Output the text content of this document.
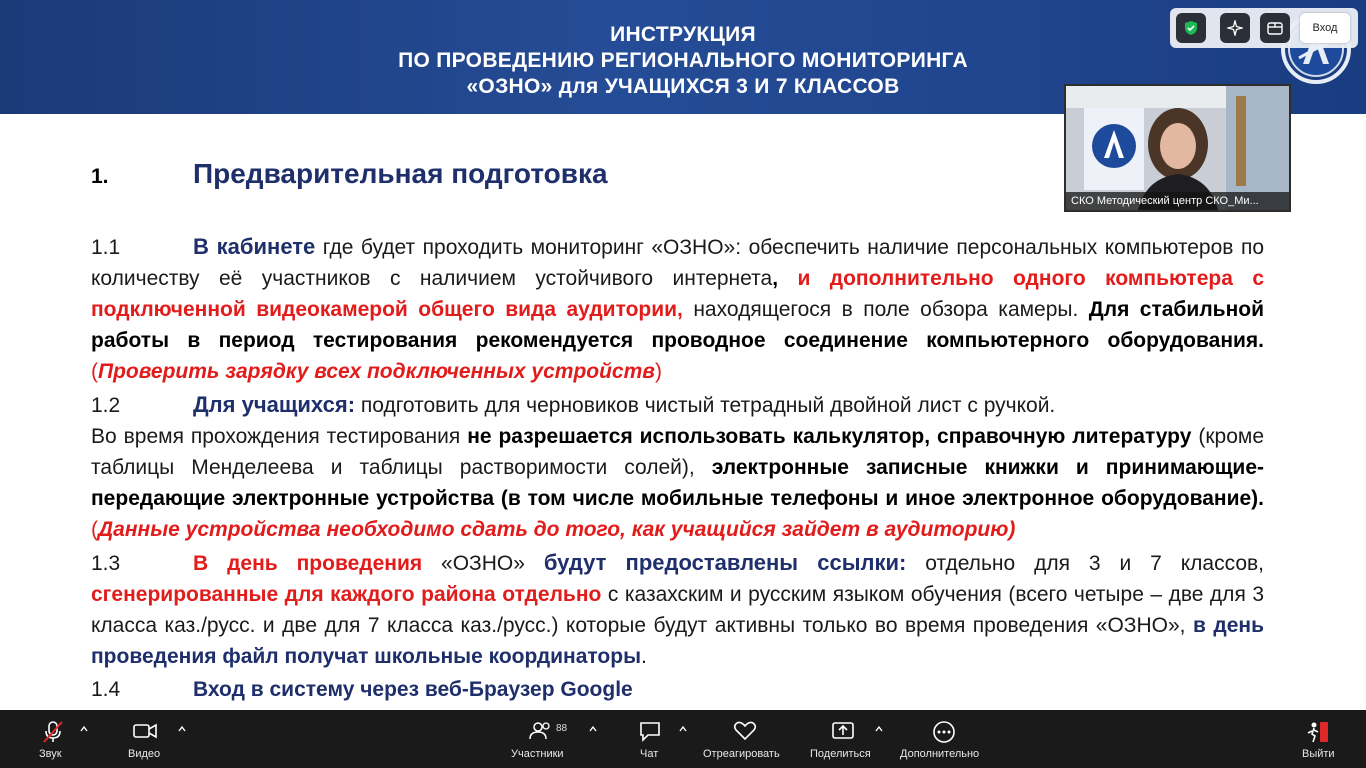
ИНСТРУКЦИЯ
ПО ПРОВЕДЕНИЮ РЕГИОНАЛЬНОГО МОНИТОРИНГА
«ОЗНО» для УЧАЩИХСЯ 3 И 7 КЛАССОВ
1.	Предварительная подготовка

1.1	В кабинете где будет проходить мониторинг «ОЗНО»: обеспечить наличие персональных компьютеров по количеству её участников с наличием устойчивого интернета, и дополнительно одного компьютера с подключенной видеокамерой общего вида аудитории, находящегося в поле обзора камеры. Для стабильной работы в период тестирования рекомендуется проводное соединение компьютерного оборудования. (Проверить зарядку всех подключенных устройств)

1.2	Для учащихся: подготовить для черновиков чистый тетрадный двойной лист с ручкой.

Во время прохождения тестирования не разрешается использовать калькулятор, справочную литературу (кроме таблицы Менделеева и таблицы растворимости солей), электронные записные книжки и принимающие-передающие электронные устройства (в том числе мобильные телефоны и иное электронное оборудование). (Данные устройства необходимо сдать до того, как учащийся зайдет в аудиторию)

1.3	В день проведения «ОЗНО» будут предоставлены ссылки: отдельно для 3 и 7 классов, сгенерированные для каждого района отдельно с казахским и русским языком обучения (всего четыре – две для 3 класса каз./русс. и две для 7 класса каз./русс.) которые будут активны только во время проведения «ОЗНО», в день проведения файл получат школьные координаторы.

1.4	Вход в систему через веб-Браузер Google

Вход
СКО Методический центр СКО_Ми...
Звук	Видео
88
Участники	Чат	Отреагировать	Поделиться	Дополнительно	Выйти
